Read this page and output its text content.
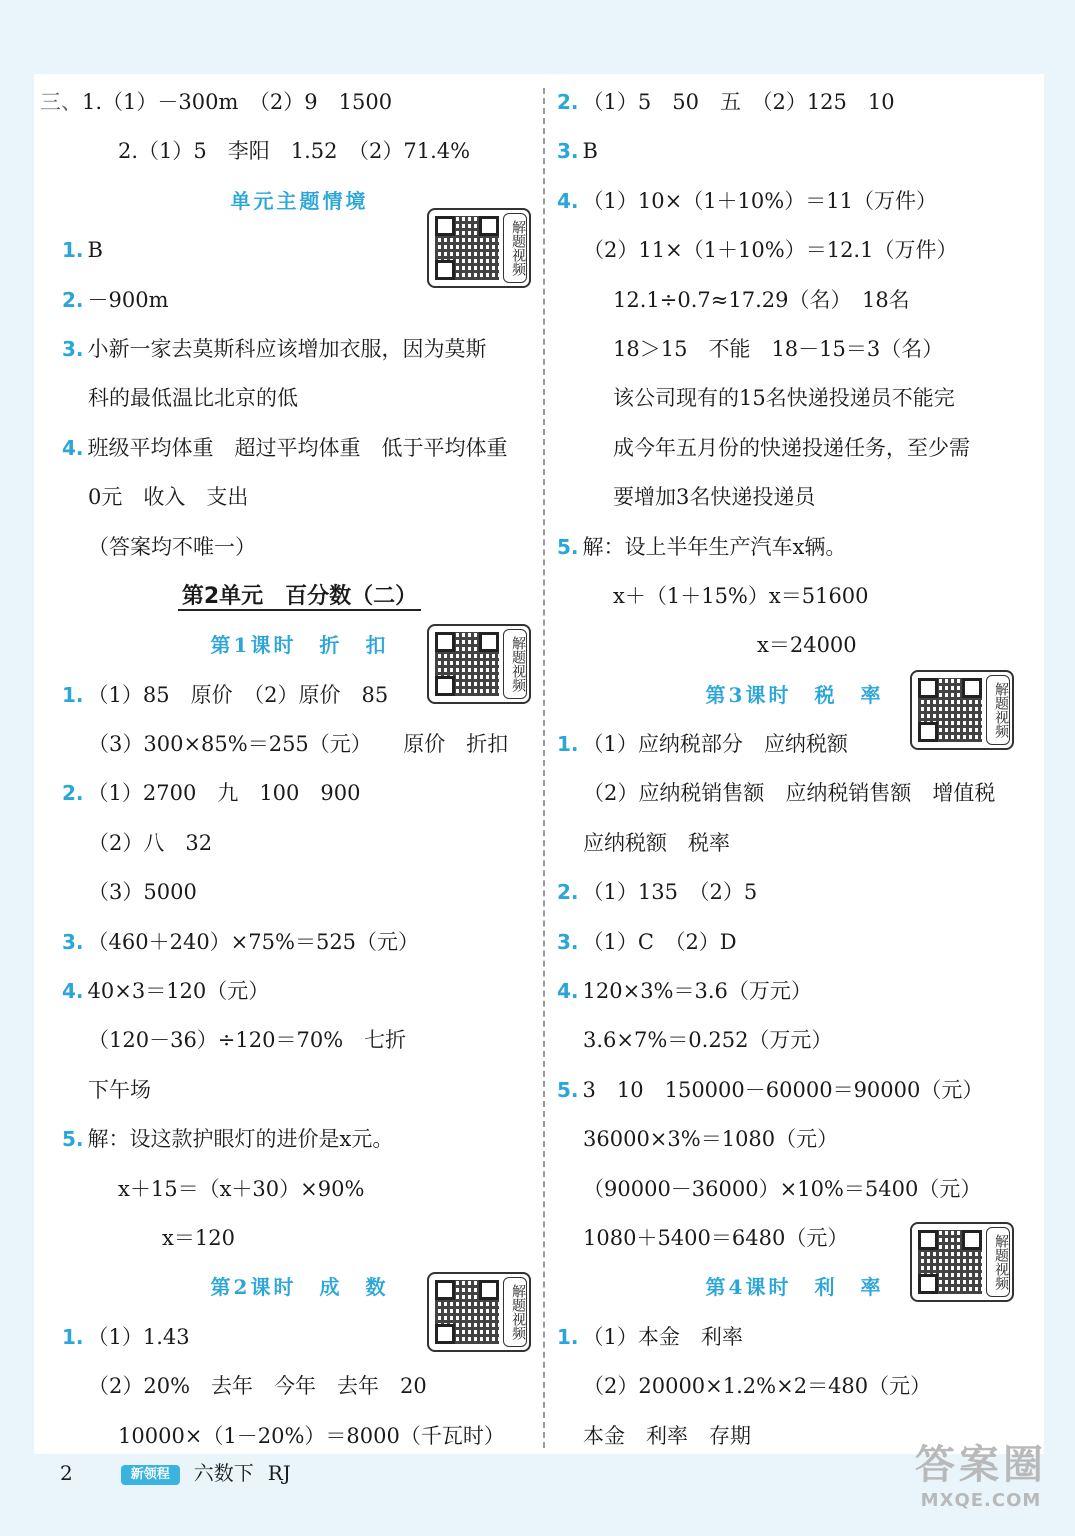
三、1.（1）－300m　（2）9　1500
2.（1）5　李阳　1.52　（2）71.4%
单元主题情境
1. B
2. －900m
3. 小新一家去莫斯科应该增加衣服，因为莫斯
科的最低温比北京的低
4. 班级平均体重　超过平均体重　低于平均体重
0元　收入　支出
（答案均不唯一）
第2单元　百分数（二）
第1课时　折　扣
1. （1）85　原价　（2）原价　85
（3）300×85%＝255（元）　　原价　折扣
2. （1）2700　九　100　900
（2）八　32
（3）5000
3. （460＋240）×75%＝525（元）
4. 40×3＝120（元）
（120－36）÷120＝70%　七折
下午场
5. 解：设这款护眼灯的进价是x元。
x＋15＝（x＋30）×90%
x＝120
第2课时　成　数
1. （1）1.43
（2）20%　去年　今年　去年　20
10000×（1－20%）＝8000（千瓦时）
2. （1）5　50　五　（2）125　10
3. B
4. （1）10×（1＋10%）＝11（万件）
（2）11×（1＋10%）＝12.1（万件）
12.1÷0.7≈17.29（名）　18名
18＞15　不能　18－15＝3（名）
该公司现有的15名快递投递员不能完
成今年五月份的快递投递任务，至少需
要增加3名快递投递员
5. 解：设上半年生产汽车x辆。
x＋（1＋15%）x＝51600
x＝24000
第3课时　税　率
1. （1）应纳税部分　应纳税额
（2）应纳税销售额　应纳税销售额　增值税
应纳税额　税率
2. （1）135　（2）5
3. （1）C　（2）D
4. 120×3%＝3.6（万元）
3.6×7%＝0.252（万元）
5. 3　10　150000－60000＝90000（元）
36000×3%＝1080（元）
（90000－36000）×10%＝5400（元）
1080＋5400＝6480（元）
第4课时　利　率
1. （1）本金　利率
（2）20000×1.2%×2＝480（元）
本金　利率　存期
解题视频
解题视频
解题视频
解题视频
解题视频
2	新领程 六数下 RJ	答案圈
MXQE.COM
